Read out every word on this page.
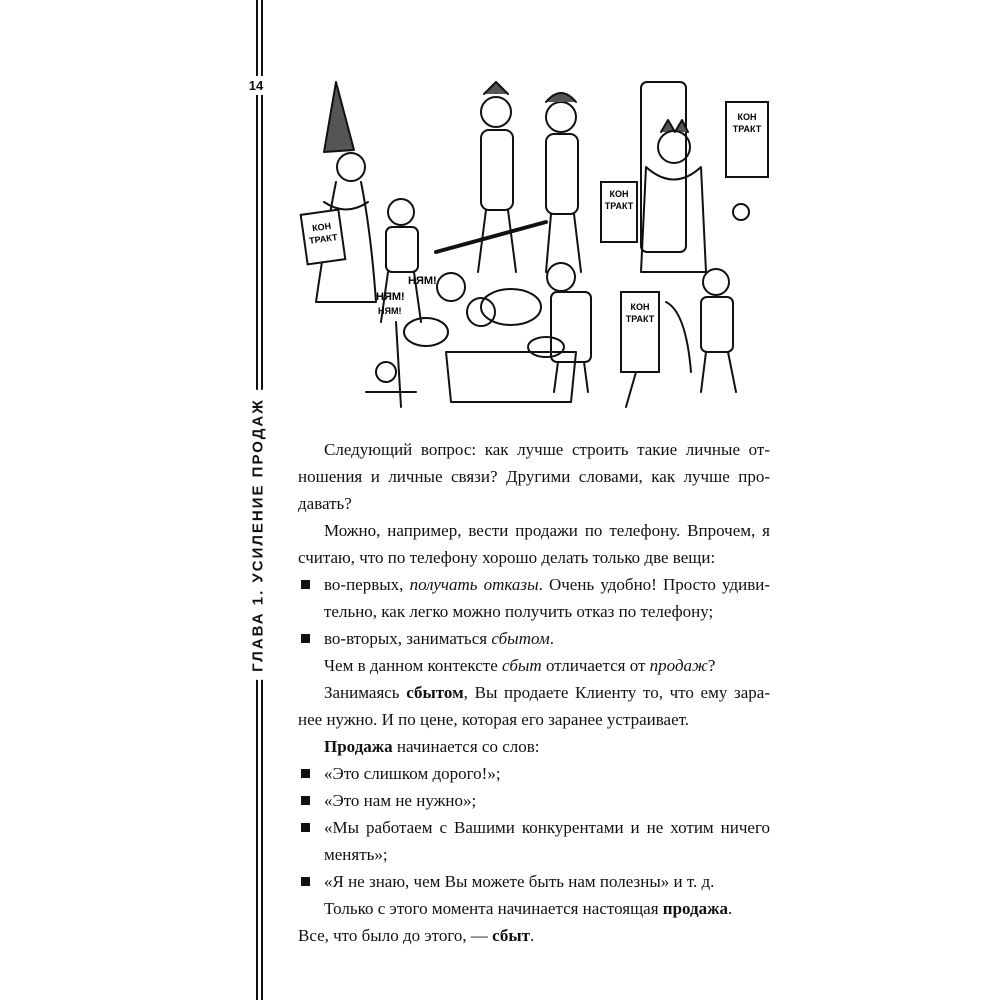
14
ГЛАВА 1. УСИЛЕНИЕ ПРОДАЖ
КОН
ТРАКТ
КОН
ТРАКТ
КОН
ТРАКТ
КОН
ТРАКТ
НЯМ!
НЯМ!
НЯМ!

Следующий вопрос: как лучше строить такие личные от-ношения и личные связи? Другими словами, как лучше про-давать?

Можно, например, вести продажи по телефону. Впрочем, я считаю, что по телефону хорошо делать только две вещи:

во-первых, получать отказы. Очень удобно! Просто удиви-тельно, как легко можно получить отказ по телефону;

во-вторых, заниматься сбытом.

Чем в данном контексте сбыт отличается от продаж?

Занимаясь сбытом, Вы продаете Клиенту то, что ему зара-нее нужно. И по цене, которая его заранее устраивает.

Продажа начинается со слов:

«Это слишком дорого!»;

«Это нам не нужно»;

«Мы работаем с Вашими конкурентами и не хотим ничего менять»;

«Я не знаю, чем Вы можете быть нам полезны» и т. д.

Только с этого момента начинается настоящая продажа.

Все, что было до этого, — сбыт.
